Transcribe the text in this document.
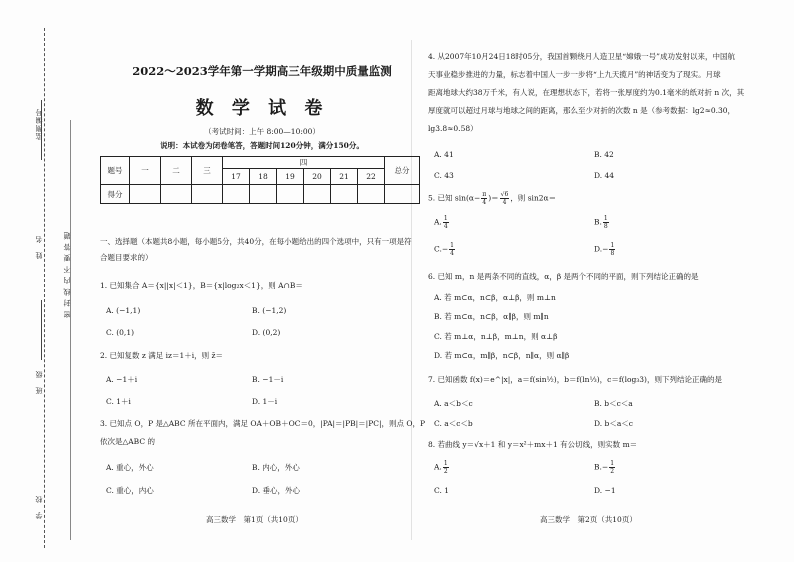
监测编号
姓　名
班　级
学　校
密 封 线 内 不 要 答 题
2022～2023学年第一学期高三年级期中质量监测
数 学 试 卷
（考试时间：上午 8:00—10:00）
说明：本试卷为闭卷笔答，答题时间120分钟，满分150分。
题号	一	二	三	四						总分
				17	18	19	20	21	22	
得分										
一、选择题（本题共8小题，每小题5分，共40分，在每小题给出的四个选项中，只有一项是符
合题目要求的）
1. 已知集合 A＝{x||x|＜1}，B＝{x|log₂x＜1}，则 A∩B＝
A. (−1,1)	B. (−1,2)
C. (0,1)	D. (0,2)
2. 已知复数 z 满足 iz＝1＋i，则 z̄＝
A. −1＋i	B. −1－i
C. 1＋i	D. 1－i
3. 已知点 O，P 是△ABC 所在平面内，满足 OA＋OB＋OC＝0，|PA|＝|PB|＝|PC|，则点 O，P
依次是△ABC 的
A. 重心，外心	B. 内心，外心
C. 重心，内心	D. 垂心，外心
高三数学　第1页（共10页）
4. 从2007年10月24日18时05分，我国首颗绕月人造卫星“嫦娥一号”成功发射以来，中国航
天事业稳步推进的力量，标志着中国人一步一步将“上九天揽月”的神话变为了现实。月球
距离地球大约38万千米，有人说，在理想状态下，若将一张厚度约为0.1毫米的纸对折 n 次，其
厚度就可以超过月球与地球之间的距离，那么至少对折的次数 n 是（参考数据：lg2≈0.30，
lg3.8≈0.58）
A. 41	B. 42
C. 43	D. 44
5. 已知 $\sin(\alpha- \frac{\pi}{4}$ )＝ $\frac{√6}{4}$ ，则 sin2α＝
A. $\frac{1}{4}$	B. $\frac{1}{8}$
$C.- \frac{1}{4}$	$D.- \frac{1}{8}$
6. 已知 m，n 是两条不同的直线，α，β 是两个不同的平面，则下列结论正确的是
A. 若 m⊂α，n⊂β，α⊥β，则 m⊥n
B. 若 m⊂α，n⊂β，α∥β，则 m∥n
C. 若 m⊥α，n⊥β，m⊥n，则 α⊥β
D. 若 m⊂α，m∥β，n⊂β，n∥α，则 α∥β
7. 已知函数 f(x)＝e^|x|，a＝f(sin½)，b＝f(ln⅓)，c＝f(log₃3)，则下列结论正确的是
A. a＜b＜c	B. b＜c＜a
C. a＜c＜b	D. b＜a＜c
8. 若曲线 y＝√x＋1 和 y＝x²＋mx＋1 有公切线，则实数 m＝
A. $\frac{1}{2}$	$B.- \frac{1}{2}$
C. 1	D. −1
高三数学　第2页（共10页）
